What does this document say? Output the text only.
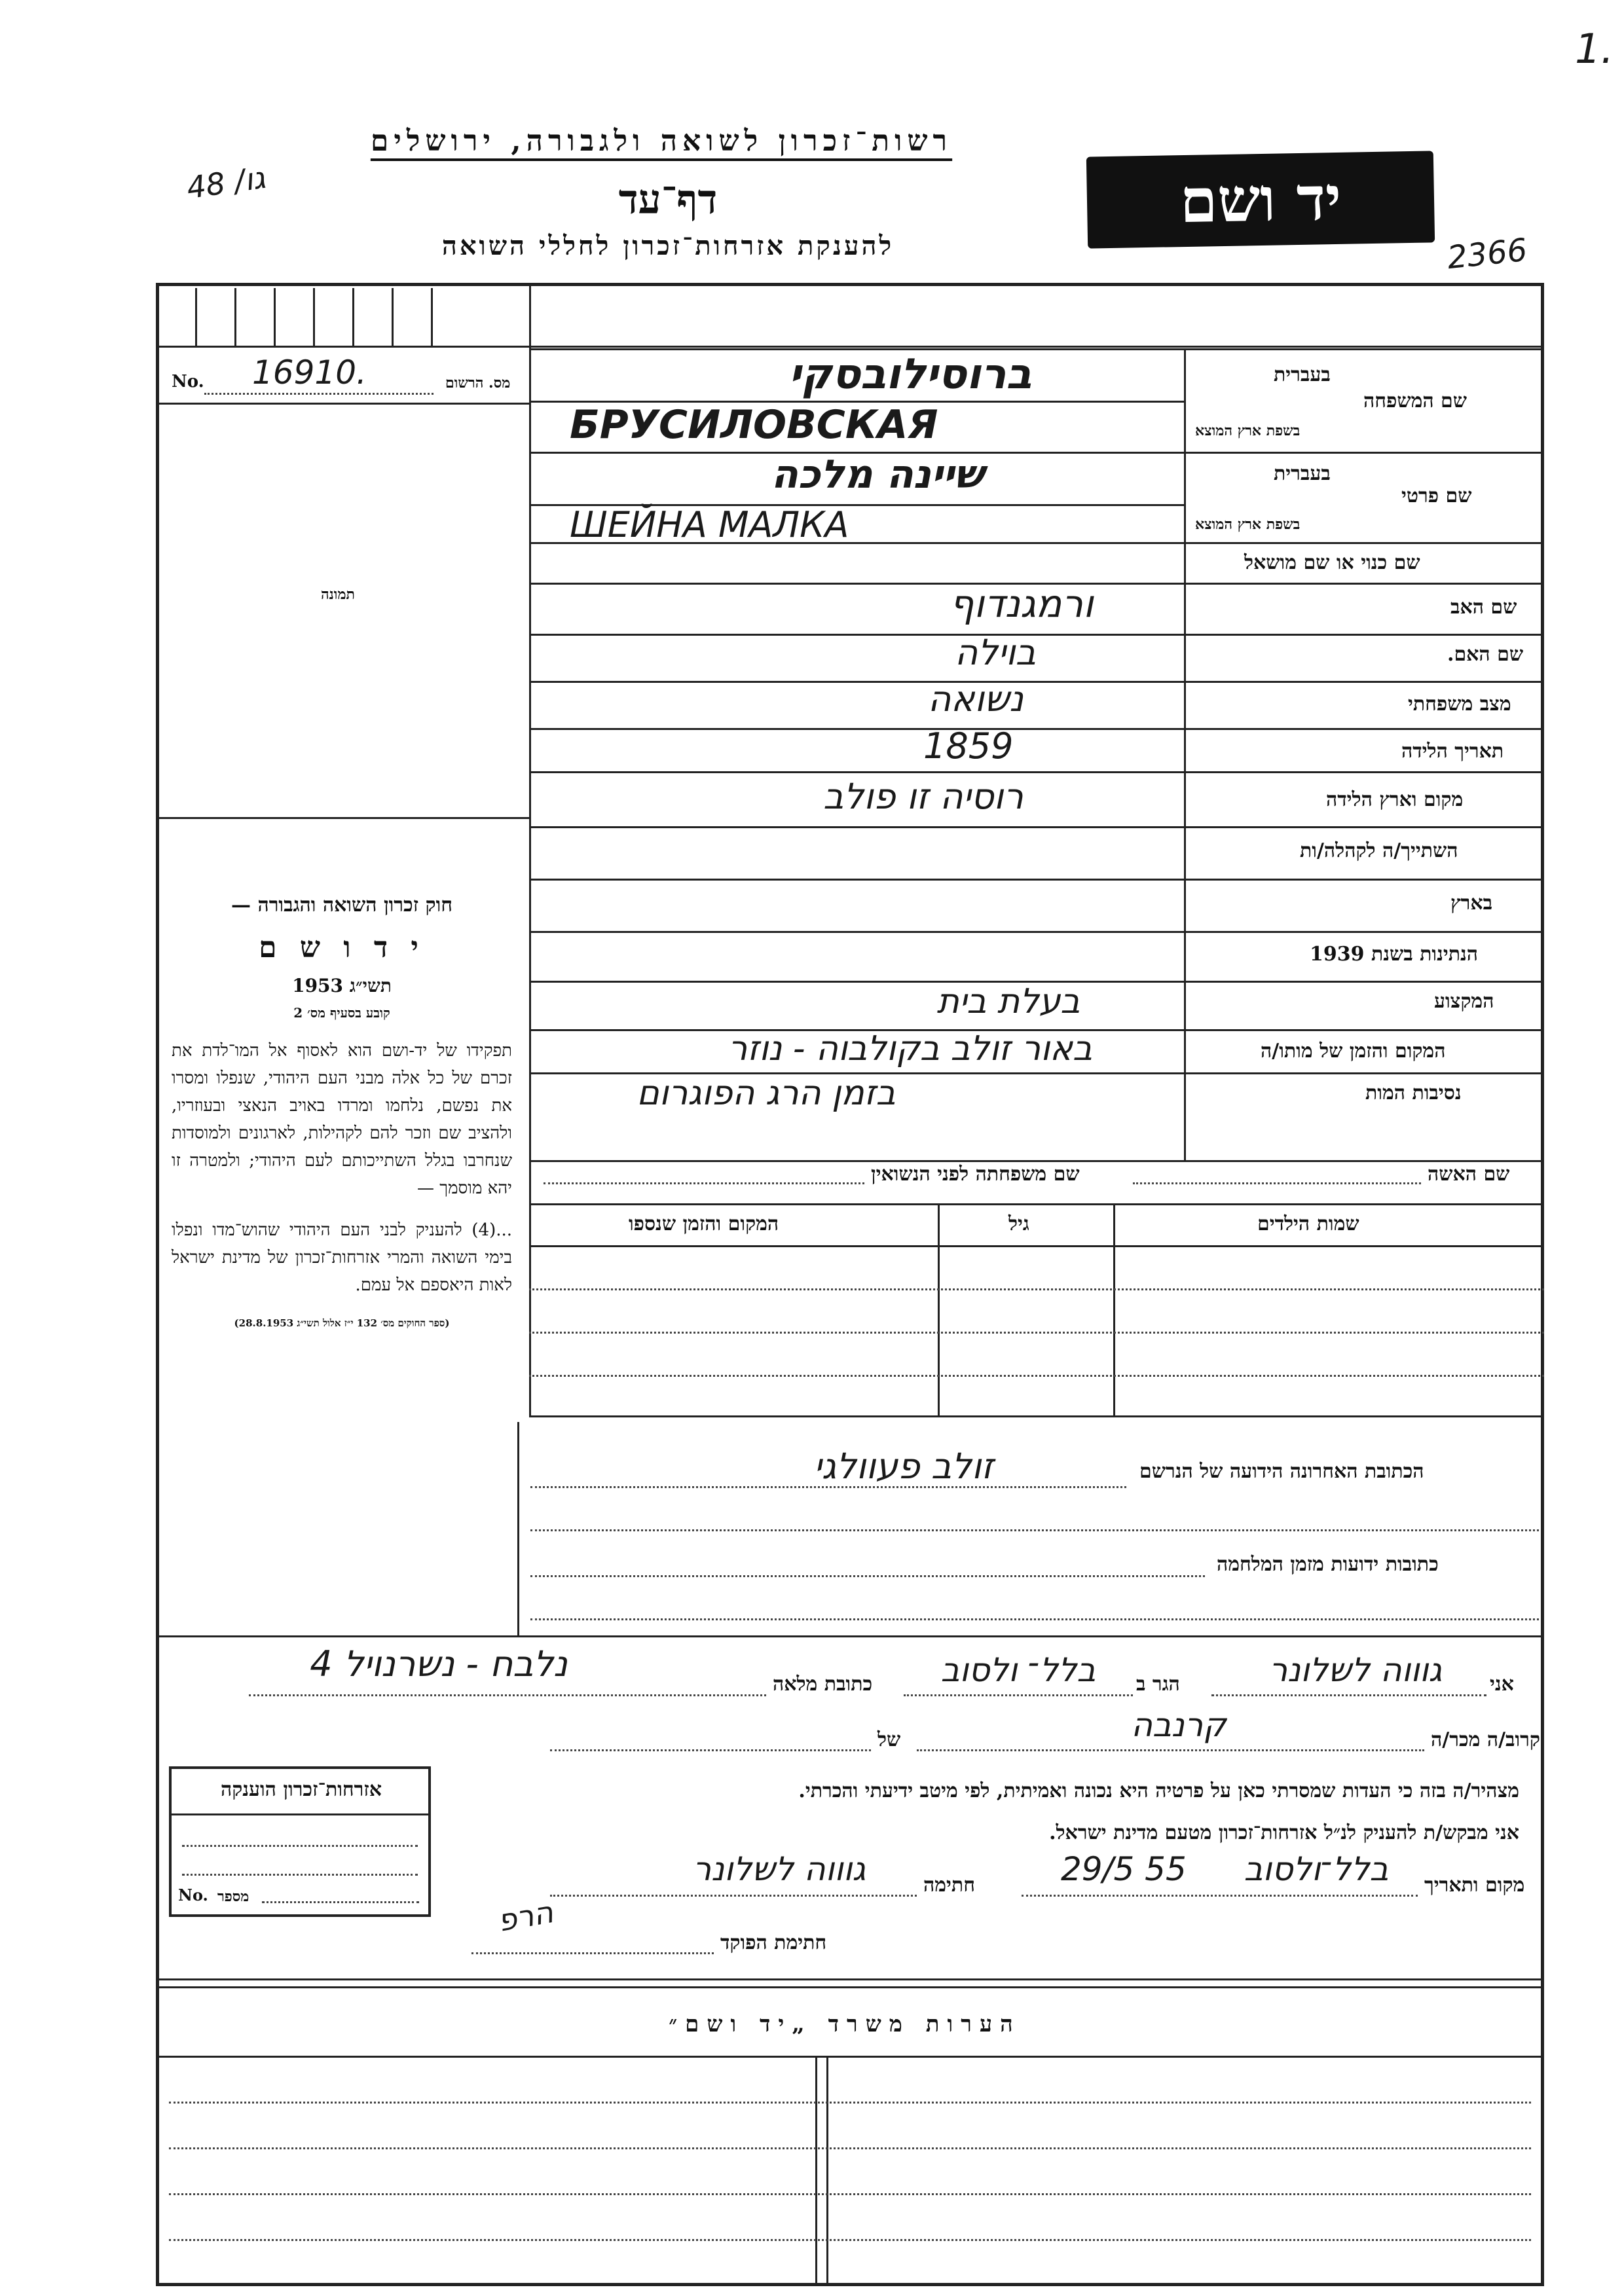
1.
גו/ 48
2366
רשות־זכרון לשואה ולגבורה, ירושלים
דף־עד
להענקת אזרחות־זכרון לחללי השואה
יד ושם
No. 16910.	מס. הרשום
תמונה

חוק זכרון השואה והגבורה —

י ד ו ש ם

תשי״ג 1953

קובע בסעיף מס׳ 2

תפקידו של יד-ושם הוא לאסוף אל המו־לדת את זכרם של כל אלה מבני העם היהודי, שנפלו ומסרו את נפשם, נלחמו ומרדו באויב הנאצי ובעוזריו, ולהציב שם וזכר להם לקהילות, לארגונים ולמוסדות שנחרבו בגלל השתייכותם לעם היהודי; ולמטרה זו יהא מוסמך —

...(4) להעניק לבני העם היהודי שהוש־מדו ונפלו בימי השואה והמרי אזרחות־זכרון של מדינת ישראל לאות היאספם אל עמם.

(ספר החוקים מס׳ 132 י״ז אלול תשי״ג 28.8.1953)

בעברית
שם המשפחה
בשפת ארץ המוצא
ברוסילובסקי
БРУСИЛОВСКАЯ
בעברית
שם פרטי
בשפת ארץ המוצא
שיינה מלכה
ШЕЙНА МАЛКА
שם כנוי או שם מושאל
שם האב
ורמגנדוף
שם האם.
בוילה
מצב משפחתי
נשואה
תאריך הלידה
1859
מקום וארץ הלידה
רוסיה זו פולב
השתייך/ה לקהלה/ות
בארץ
הנתינות בשנת 1939
המקצוע
בעלת בית
המקום והזמן של מותו/ה
באור זולב בקולבוה - נוזר
נסיבות המות
בזמן הרג הפוגרום
שם האשה
שם משפחתה לפני הנשואין
שמות הילדים
גיל
המקום והזמן שנספו
הכתובת האחרונה הידועה של הנרשם
זולב פעוולגי
כתובות ידועות מזמן המלחמה
אני
גוווה לשלונר
הגר ב
בלל־ ולסוב
כתובת מלאה
נלבח - נשרנויל 4
קרוב/ה מכר/ה
קרנבה
של
מצהיר/ה בזה כי העדות שמסרתי כאן על פרטיה היא נכונה ואמיתית, לפי מיטב ידיעתי והכרתי.
אני מבקש/ת להעניק לנ״ל אזרחות־זכרון מטעם מדינת ישראל.
מקום ותאריך
בלל־ולסוב
29/5 55
חתימה
גוווה לשלונר
חתימת הפוקד
הרפ
אזרחות־זכרון הוענקה
No. מספר
הערות משרד „יד ושם״
